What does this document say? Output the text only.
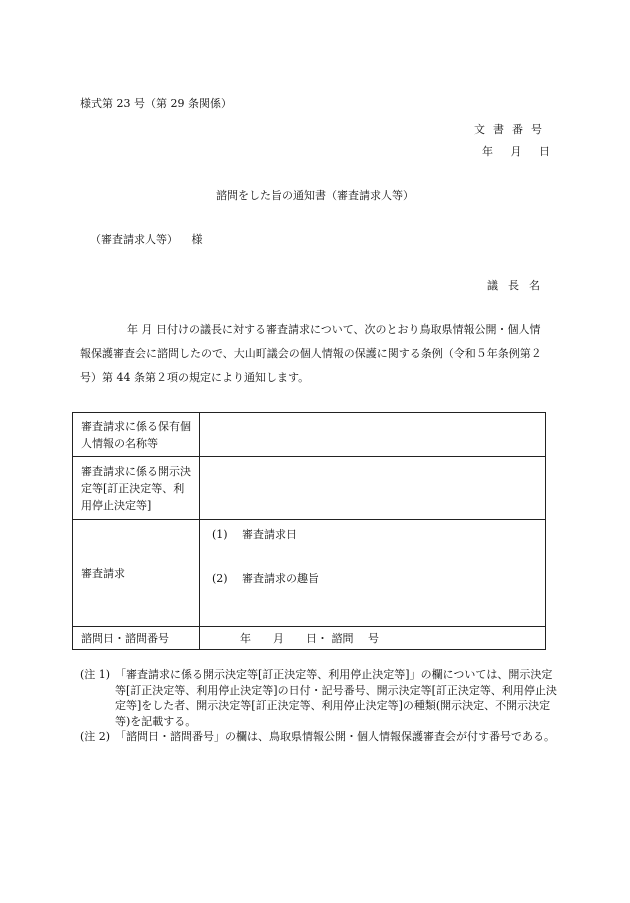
様式第 23 号（第 29 条関係）
文書番号
年 月 日
諮問をした旨の通知書（審査請求人等）
（審査請求人等） 様
議長名
年 月 日付けの議長に対する審査請求について、次のとおり鳥取県情報公開・個人情報保護審査会に諮問したので、大山町議会の個人情報の保護に関する条例（令和５年条例第２号）第 44 条第２項の規定により通知します。
審査請求に係る保有個人情報の名称等	
審査請求に係る開示決定等[訂正決定等、利用停止決定等]	
審査請求	(1) 審査請求日
(2) 審査請求の趣旨

諮問日・諮問番号	年　　月　　日・ 諮問　 号
(注 1) 「審査請求に係る開示決定等[訂正決定等、利用停止決定等]」の欄については、開示決定等[訂正決定等、利用停止決定等]の日付・記号番号、開示決定等[訂正決定等、利用停止決定等]をした者、開示決定等[訂正決定等、利用停止決定等]の種類(開示決定、不開示決定等)を記載する。
(注 2) 「諮問日・諮問番号」の欄は、鳥取県情報公開・個人情報保護審査会が付す番号である。
